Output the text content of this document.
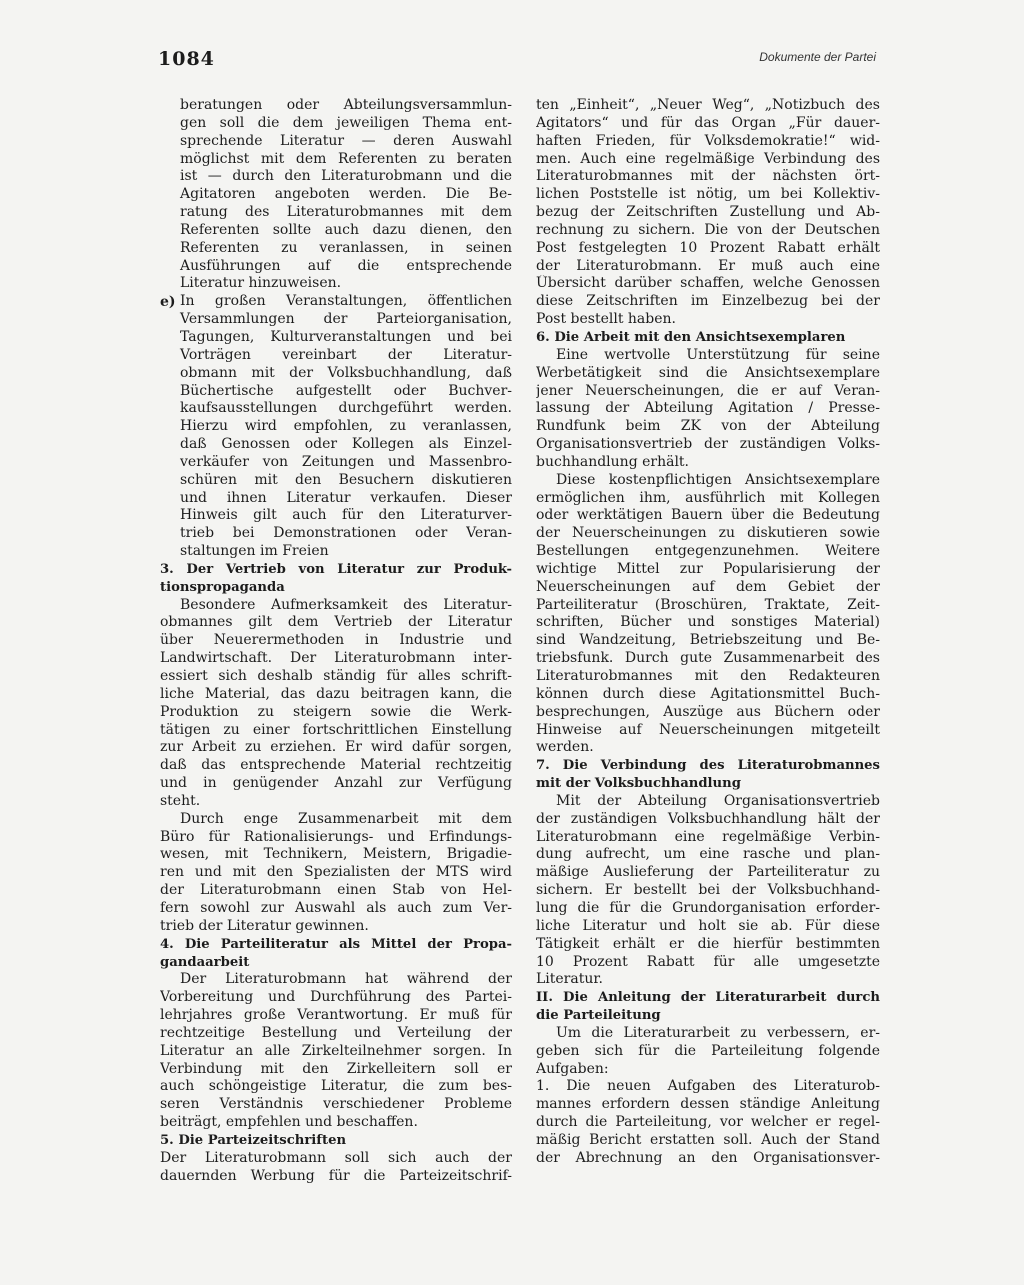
1084	Dokumente der Partei
e)
beratungen oder Abteilungsversammlun-
gen soll die dem jeweiligen Thema ent-
sprechende Literatur — deren Auswahl
möglichst mit dem Referenten zu beraten
ist — durch den Literaturobmann und die
Agitatoren angeboten werden. Die Be-
ratung des Literaturobmannes mit dem
Referenten sollte auch dazu dienen, den
Referenten zu veranlassen, in seinen
Ausführungen auf die entsprechende
Literatur hinzuweisen.
In großen Veranstaltungen, öffentlichen
Versammlungen der Parteiorganisation,
Tagungen, Kulturveranstaltungen und bei
Vorträgen vereinbart der Literatur-
obmann mit der Volksbuchhandlung, daß
Büchertische aufgestellt oder Buchver-
kaufsausstellungen durchgeführt werden.
Hierzu wird empfohlen, zu veranlassen,
daß Genossen oder Kollegen als Einzel-
verkäufer von Zeitungen und Massenbro-
schüren mit den Besuchern diskutieren
und ihnen Literatur verkaufen. Dieser
Hinweis gilt auch für den Literaturver-
trieb bei Demonstrationen oder Veran-
staltungen im Freien
3. Der Vertrieb von Literatur zur Produk-
tionspropaganda
Besondere Aufmerksamkeit des Literatur-
obmannes gilt dem Vertrieb der Literatur
über Neuerermethoden in Industrie und
Landwirtschaft. Der Literaturobmann inter-
essiert sich deshalb ständig für alles schrift-
liche Material, das dazu beitragen kann, die
Produktion zu steigern sowie die Werk-
tätigen zu einer fortschrittlichen Einstellung
zur Arbeit zu erziehen. Er wird dafür sorgen,
daß das entsprechende Material rechtzeitig
und in genügender Anzahl zur Verfügung
steht.
Durch enge Zusammenarbeit mit dem
Büro für Rationalisierungs- und Erfindungs-
wesen, mit Technikern, Meistern, Brigadie-
ren und mit den Spezialisten der MTS wird
der Literaturobmann einen Stab von Hel-
fern sowohl zur Auswahl als auch zum Ver-
trieb der Literatur gewinnen.
4. Die Parteiliteratur als Mittel der Propa-
gandaarbeit
Der Literaturobmann hat während der
Vorbereitung und Durchführung des Partei-
lehrjahres große Verantwortung. Er muß für
rechtzeitige Bestellung und Verteilung der
Literatur an alle Zirkelteilnehmer sorgen. In
Verbindung mit den Zirkelleitern soll er
auch schöngeistige Literatur, die zum bes-
seren Verständnis verschiedener Probleme
beiträgt, empfehlen und beschaffen.
5. Die Parteizeitschriften
Der Literaturobmann soll sich auch der
dauernden Werbung für die Parteizeitschrif-
ten „Einheit“, „Neuer Weg“, „Notizbuch des
Agitators“ und für das Organ „Für dauer-
haften Frieden, für Volksdemokratie!“ wid-
men. Auch eine regelmäßige Verbindung des
Literaturobmannes mit der nächsten ört-
lichen Poststelle ist nötig, um bei Kollektiv-
bezug der Zeitschriften Zustellung und Ab-
rechnung zu sichern. Die von der Deutschen
Post festgelegten 10 Prozent Rabatt erhält
der Literaturobmann. Er muß auch eine
Übersicht darüber schaffen, welche Genossen
diese Zeitschriften im Einzelbezug bei der
Post bestellt haben.
6. Die Arbeit mit den Ansichtsexemplaren
Eine wertvolle Unterstützung für seine
Werbetätigkeit sind die Ansichtsexemplare
jener Neuerscheinungen, die er auf Veran-
lassung der Abteilung Agitation / Presse-
Rundfunk beim ZK von der Abteilung
Organisationsvertrieb der zuständigen Volks-
buchhandlung erhält.
Diese kostenpflichtigen Ansichtsexemplare
ermöglichen ihm, ausführlich mit Kollegen
oder werktätigen Bauern über die Bedeutung
der Neuerscheinungen zu diskutieren sowie
Bestellungen entgegenzunehmen. Weitere
wichtige Mittel zur Popularisierung der
Neuerscheinungen auf dem Gebiet der
Parteiliteratur (Broschüren, Traktate, Zeit-
schriften, Bücher und sonstiges Material)
sind Wandzeitung, Betriebszeitung und Be-
triebsfunk. Durch gute Zusammenarbeit des
Literaturobmannes mit den Redakteuren
können durch diese Agitationsmittel Buch-
besprechungen, Auszüge aus Büchern oder
Hinweise auf Neuerscheinungen mitgeteilt
werden.
7. Die Verbindung des Literaturobmannes
mit der Volksbuchhandlung
Mit der Abteilung Organisationsvertrieb
der zuständigen Volksbuchhandlung hält der
Literaturobmann eine regelmäßige Verbin-
dung aufrecht, um eine rasche und plan-
mäßige Auslieferung der Parteiliteratur zu
sichern. Er bestellt bei der Volksbuchhand-
lung die für die Grundorganisation erforder-
liche Literatur und holt sie ab. Für diese
Tätigkeit erhält er die hierfür bestimmten
10 Prozent Rabatt für alle umgesetzte
Literatur.
II. Die Anleitung der Literaturarbeit durch
die Parteileitung
Um die Literaturarbeit zu verbessern, er-
geben sich für die Parteileitung folgende
Aufgaben:
1. Die neuen Aufgaben des Literaturob-
mannes erfordern dessen ständige Anleitung
durch die Parteileitung, vor welcher er regel-
mäßig Bericht erstatten soll. Auch der Stand
der Abrechnung an den Organisationsver-
